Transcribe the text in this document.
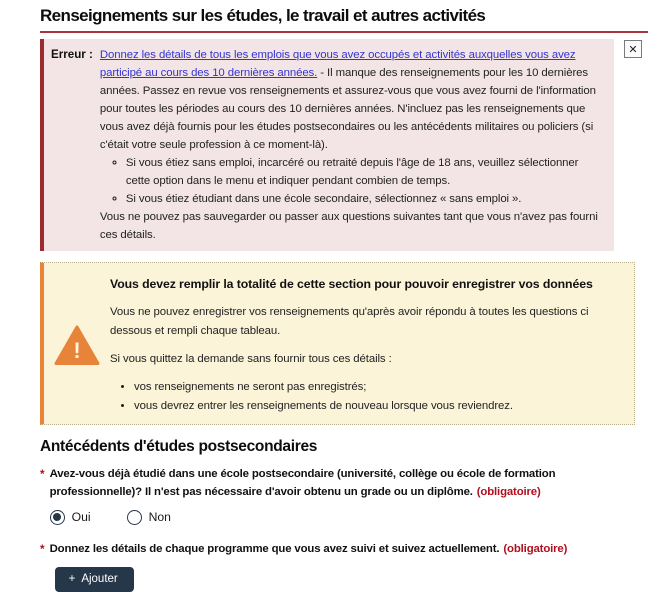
Renseignements sur les études, le travail et autres activités
Erreur : Donnez les détails de tous les emplois que vous avez occupés et activités auxquelles vous avez participé au cours des 10 dernières années. - Il manque des renseignements pour les 10 dernières années. Passez en revue vos renseignements et assurez-vous que vous avez fourni de l'information pour toutes les périodes au cours des 10 dernières années. N'incluez pas les renseignements que vous avez déjà fournis pour les études postsecondaires ou les antécédents militaires ou policiers (si c'était votre seule profession à ce moment-là).

◦ Si vous étiez sans emploi, incarcéré ou retraité depuis l'âge de 18 ans, veuillez sélectionner cette option dans le menu et indiquer pendant combien de temps.
◦ Si vous étiez étudiant dans une école secondaire, sélectionnez « sans emploi ».

Vous ne pouvez pas sauvegarder ou passer aux questions suivantes tant que vous n'avez pas fourni ces détails.

✕
!

Vous devez remplir la totalité de cette section pour pouvoir enregistrer vos données

Vous ne pouvez enregistrer vos renseignements qu'après avoir répondu à toutes les questions ci dessous et rempli chaque tableau.

Si vous quittez la demande sans fournir tous ces détails :

• vos renseignements ne seront pas enregistrés;
• vous devrez entrer les renseignements de nouveau lorsque vous reviendrez.
Antécédents d'études postsecondaires
* Avez-vous déjà étudié dans une école postsecondaire (université, collège ou école de formation professionnelle)? Il n'est pas nécessaire d'avoir obtenu un grade ou un diplôme. (obligatoire)
Oui	Non
* Donnez les détails de chaque programme que vous avez suivi et suivez actuellement. (obligatoire)
+ Ajouter
